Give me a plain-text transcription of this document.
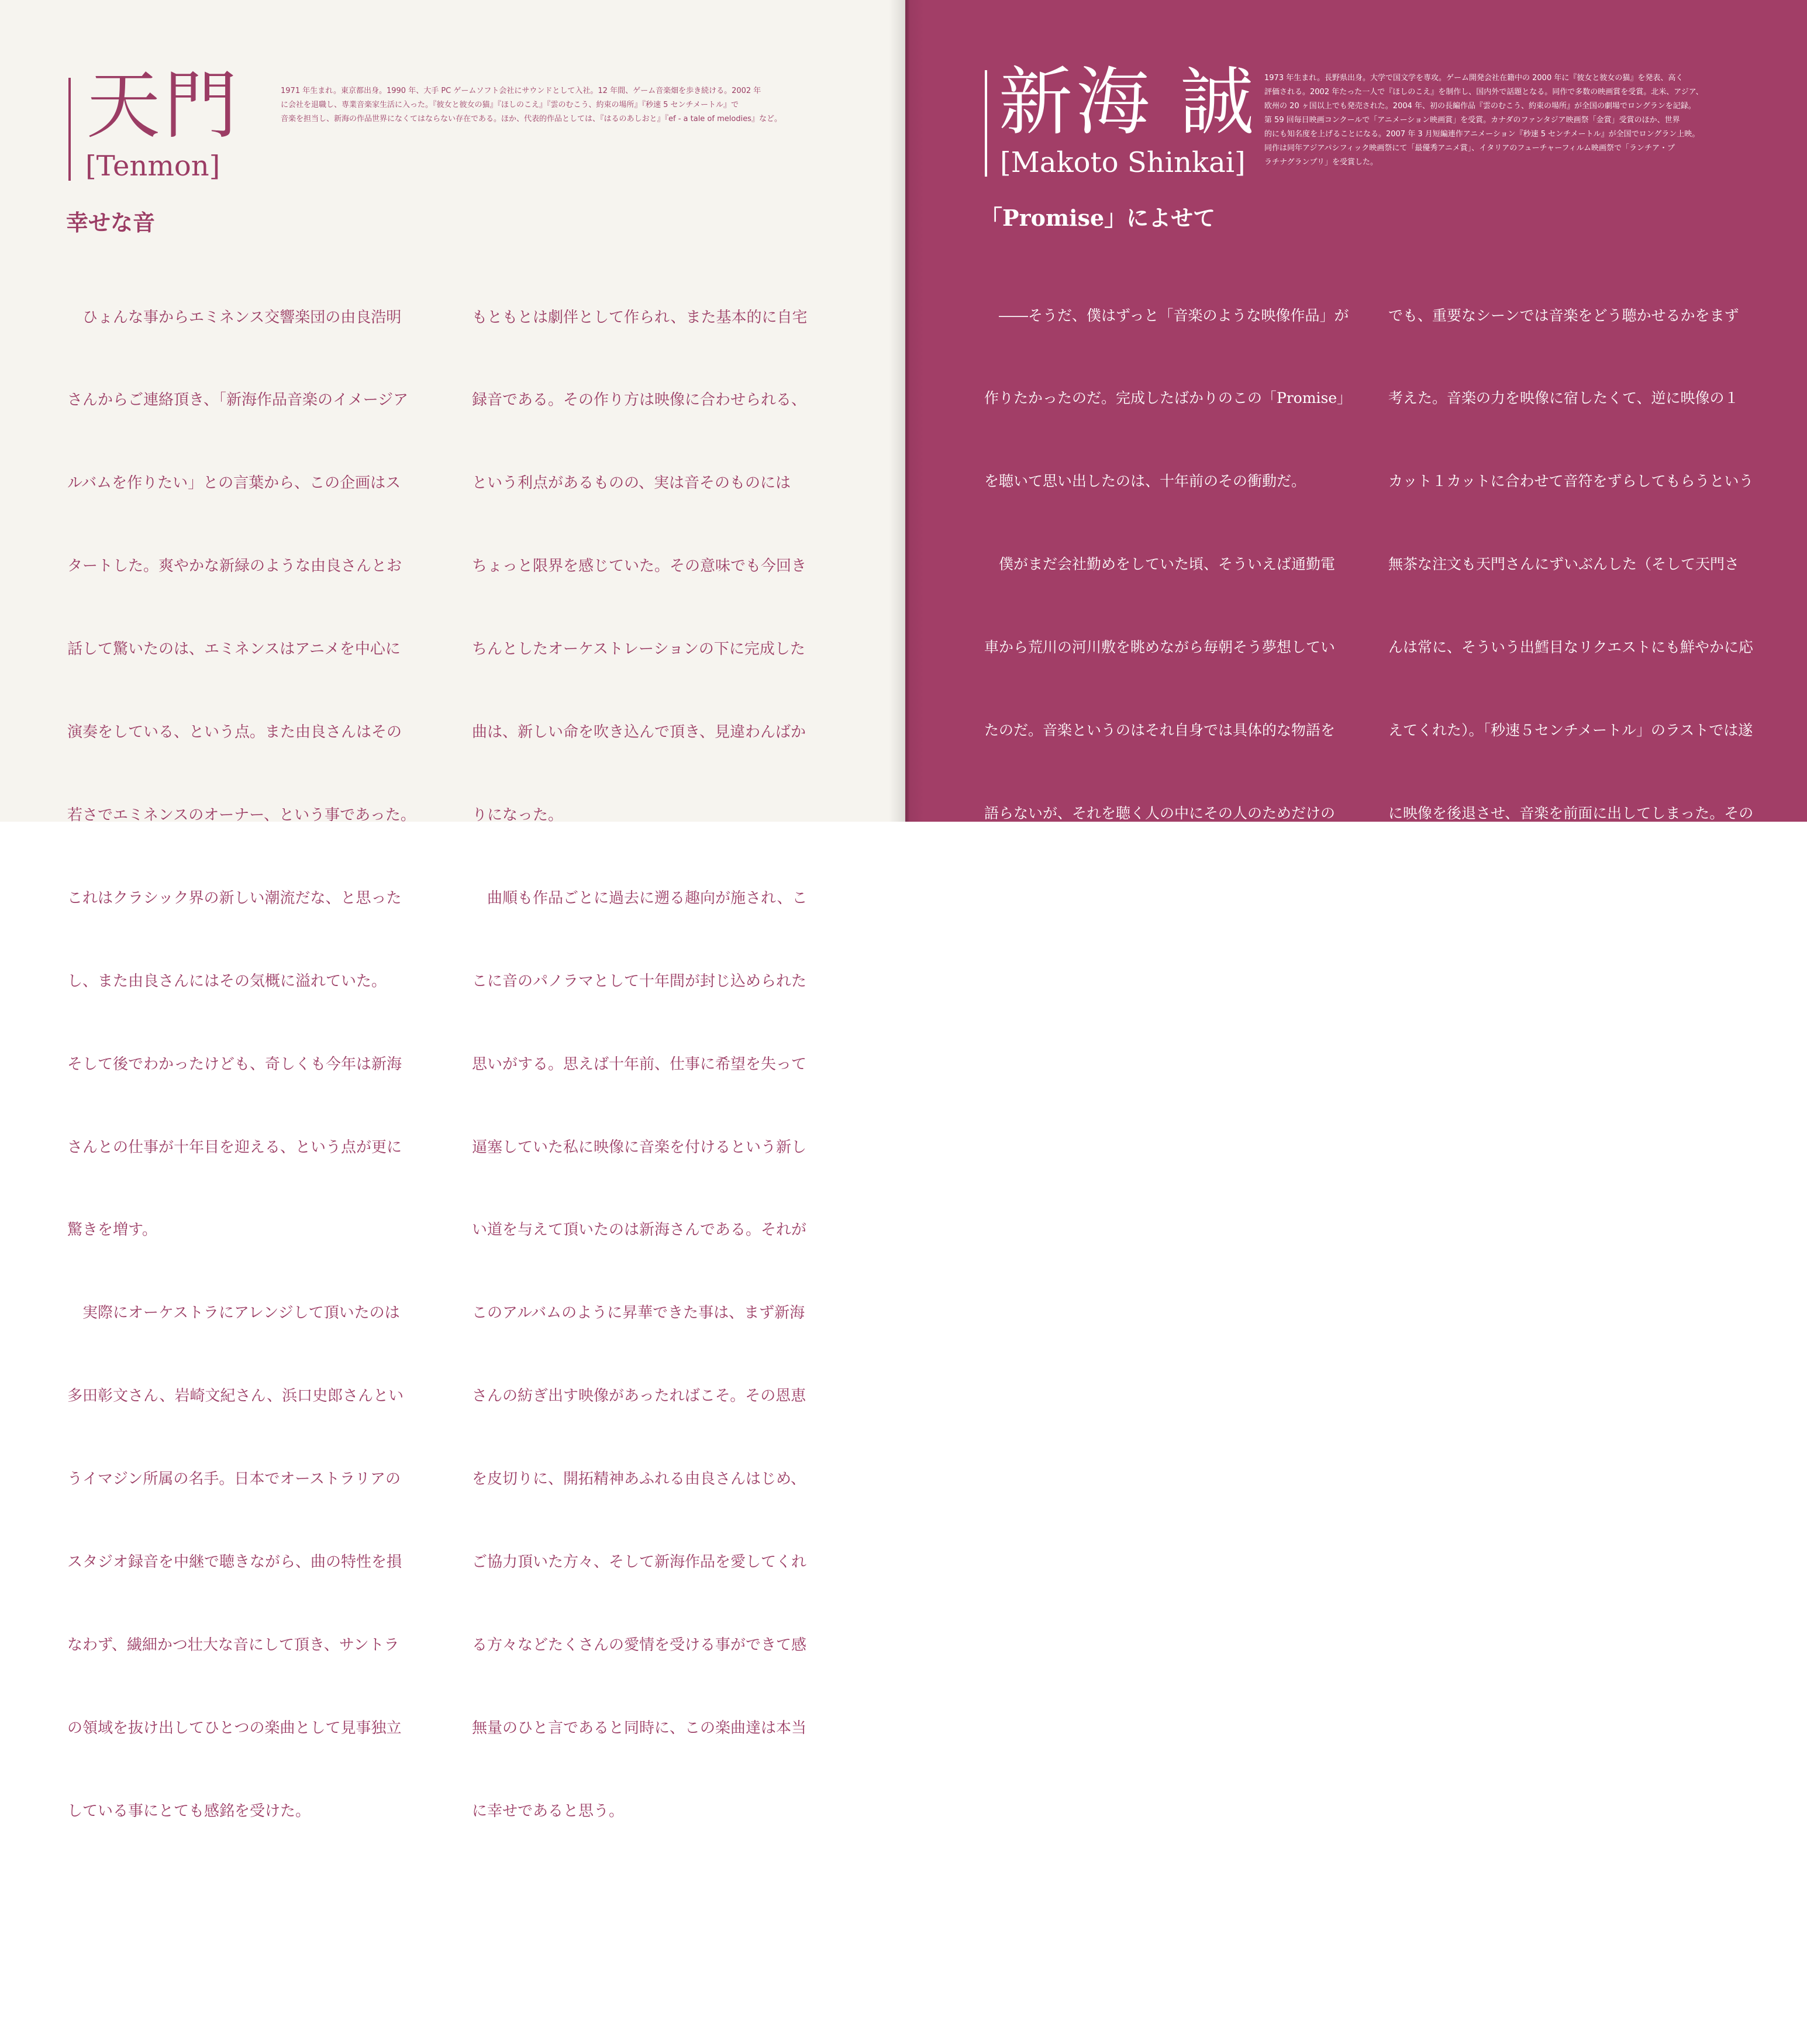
天門
[Tenmon]
1971 年生まれ。東京都出身。1990 年、大手 PC ゲームソフト会社にサウンドとして入社。12 年間、ゲーム音楽畑を歩き続ける。2002 年
に会社を退職し、専業音楽家生活に入った。『彼女と彼女の猫』『ほしのこえ』『雲のむこう、約束の場所』『秒速 5 センチメートル』で
音楽を担当し、新海の作品世界になくてはならない存在である。ほか、代表的作品としては、『はるのあしおと』『ef - a tale of melodies』など。
幸せな音

　ひょんな事からエミネンス交響楽団の由良浩明

さんからご連絡頂き、「新海作品音楽のイメージア

ルバムを作りたい」との言葉から、この企画はス

タートした。爽やかな新緑のような由良さんとお

話して驚いたのは、エミネンスはアニメを中心に

演奏をしている、という点。また由良さんはその

若さでエミネンスのオーナー、という事であった。

これはクラシック界の新しい潮流だな、と思った

し、また由良さんにはその気概に溢れていた。

そして後でわかったけども、奇しくも今年は新海

さんとの仕事が十年目を迎える、という点が更に

驚きを増す。

　実際にオーケストラにアレンジして頂いたのは

多田彰文さん、岩崎文紀さん、浜口史郎さんとい

うイマジン所属の名手。日本でオーストラリアの

スタジオ録音を中継で聴きながら、曲の特性を損

なわず、繊細かつ壮大な音にして頂き、サントラ

の領域を抜け出してひとつの楽曲として見事独立

している事にとても感銘を受けた。

もともとは劇伴として作られ、また基本的に自宅

録音である。その作り方は映像に合わせられる、

という利点があるものの、実は音そのものには

ちょっと限界を感じていた。その意味でも今回き

ちんとしたオーケストレーションの下に完成した

曲は、新しい命を吹き込んで頂き、見違わんばか

りになった。

　曲順も作品ごとに過去に遡る趣向が施され、こ

こに音のパノラマとして十年間が封じ込められた

思いがする。思えば十年前、仕事に希望を失って

逼塞していた私に映像に音楽を付けるという新し

い道を与えて頂いたのは新海さんである。それが

このアルバムのように昇華できた事は、まず新海

さんの紡ぎ出す映像があったればこそ。その恩恵

を皮切りに、開拓精神あふれる由良さんはじめ、

ご協力頂いた方々、そして新海作品を愛してくれ

る方々などたくさんの愛情を受ける事ができて感

無量のひと言であると同時に、この楽曲達は本当

に幸せであると思う。

新海 誠
[Makoto Shinkai]
1973 年生まれ。長野県出身。大学で国文学を専攻。ゲーム開発会社在籍中の 2000 年に『彼女と彼女の猫』を発表、高く
評価される。2002 年たった一人で『ほしのこえ』を制作し、国内外で話題となる。同作で多数の映画賞を受賞。北米、アジア、
欧州の 20 ヶ国以上でも発売された。2004 年、初の長編作品『雲のむこう、約束の場所』が全国の劇場でロングランを記録。
第 59 回毎日映画コンクールで「アニメーション映画賞」を受賞。カナダのファンタジア映画祭「金賞」受賞のほか、世界
的にも知名度を上げることになる。2007 年 3 月短編連作アニメーション『秒速 5 センチメートル』が全国でロングラン上映。
同作は同年アジアパシフィック映画祭にて「最優秀アニメ賞」、イタリアのフューチャーフィルム映画祭で「ランチア・プ
ラチナグランプリ」を受賞した。
「Promise」によせて

　――そうだ、僕はずっと「音楽のような映像作品」が

作りたかったのだ。完成したばかりのこの「Promise」

を聴いて思い出したのは、十年前のその衝動だ。

　僕がまだ会社勤めをしていた頃、そういえば通勤電

車から荒川の河川敷を眺めながら毎朝そう夢想してい

たのだ。音楽というのはそれ自身では具体的な物語を

語らないが、それを聴く人の中にその人のためだけの

物語を産み出してくれる。聴いていると記憶が蘇り感

情が波立ち、それによって日常の生活がすこし彩りを

増す。そういう音楽の「機能」に僕は憧れ、かといっ

て自分自身で音楽を産み出すことは出来ず、それなら

ばせめて同等の機能を果たす映像作品は作れないもの

だろうかと考えた。自分が暮らす日々の生活を愛おし

いと思わせてくれるような何かが、なによりも当時の

自分自身にとっても必要だった。だから電柱や自動販

売機や高架線をアニメーションで描き、それらを天門

さんの音楽に合わせ、歌詞をつけるように台詞を乗せ

た。それが僕たちにとって自主制作のデビュー作とな

った「彼女と彼女の猫」である。

　その後も音楽に対する僕の片想いのような憧れは続

き、続く「ほしのこえ」でも「雲のむこう、約束の場所」

でも、重要なシーンでは音楽をどう聴かせるかをまず

考えた。音楽の力を映像に宿したくて、逆に映像の１

カット１カットに合わせて音符をずらしてもらうという

無茶な注文も天門さんにずいぶんした（そして天門さ

んは常に、そういう出鱈目なリクエストにも鮮やかに応

えてくれた）。「秒速５センチメートル」のラストでは遂

に映像を後退させ、音楽を前面に出してしまった。その

ようにして、信じられないことに十年が過ぎたのだ。

　今回、オーストラリアのエミネンス交響楽団がやっ

てくれた仕事は、映像という狭い箱から音楽を丁寧に

傷つけないように取り出し、こわばっていた関節を

ゆっくりとほぐし、外の空気をのびのびと吸わせて

――そういう、まるで助産師のような淑やかな作業

だった。産み出された音楽はまさに eminence という

名が示すように気品に溢れている。映像は音楽を必要

とするけれど、音楽は必ずしも映像を必要としないの

だということを素敵に見せつけられてしまう。ああ、

やはり片想いだったのだなあと改めて気づく。そして

――いつかその片想いの相手に相応しい作品を、とい

う決意を改めて促してくれたのも、この「Promise」

であったのだ。
